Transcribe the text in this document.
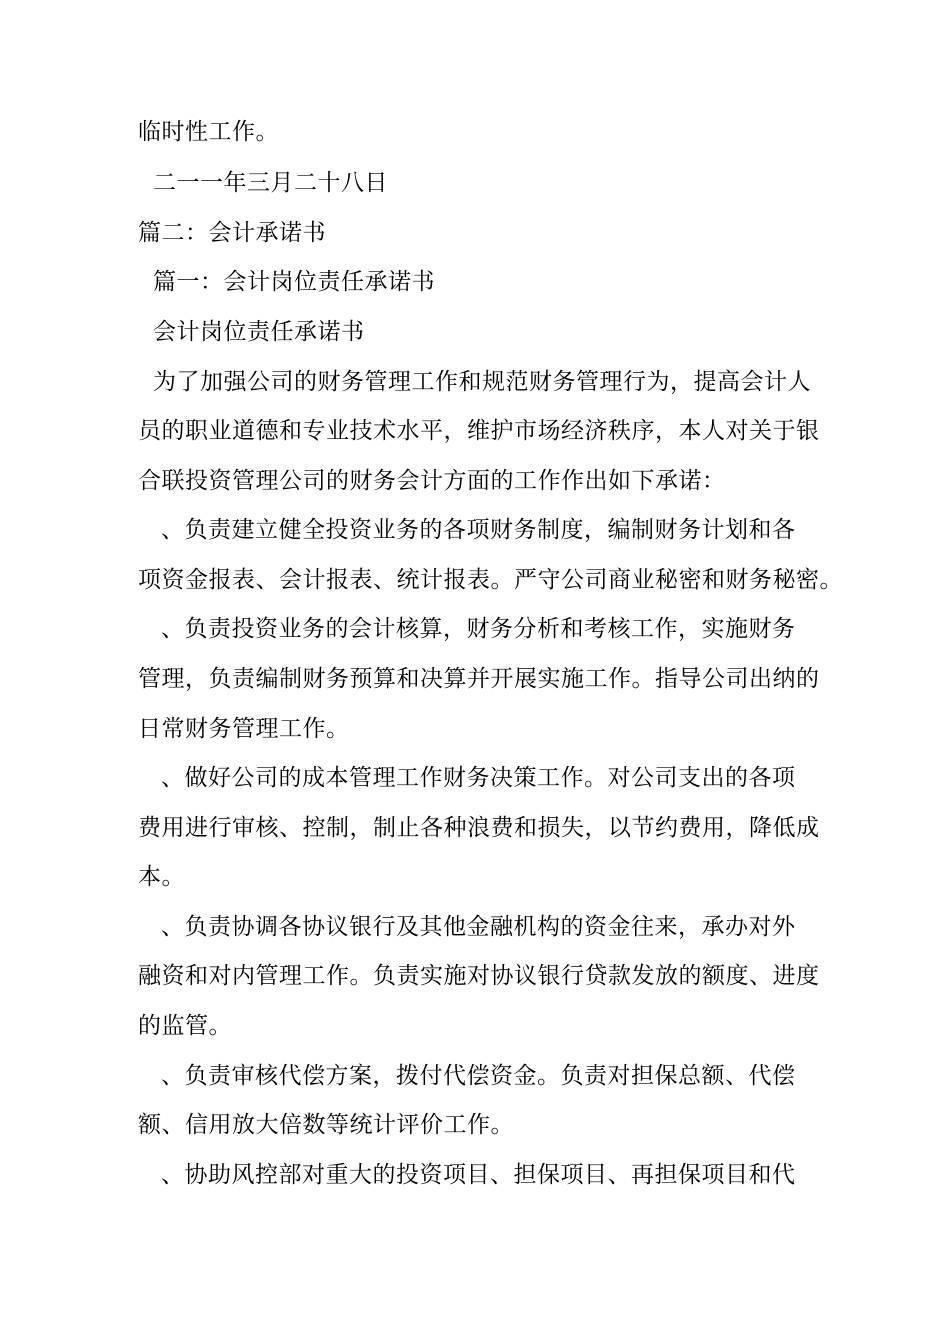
临时性工作。
二一一年三月二十八日
篇二：会计承诺书
篇一：会计岗位责任承诺书
会计岗位责任承诺书
为了加强公司的财务管理工作和规范财务管理行为，提高会计人
员的职业道德和专业技术水平，维护市场经济秩序，本人对关于银
合联投资管理公司的财务会计方面的工作作出如下承诺：
、负责建立健全投资业务的各项财务制度，编制财务计划和各
项资金报表、会计报表、统计报表。严守公司商业秘密和财务秘密。
、负责投资业务的会计核算，财务分析和考核工作，实施财务
管理，负责编制财务预算和决算并开展实施工作。指导公司出纳的
日常财务管理工作。
、做好公司的成本管理工作财务决策工作。对公司支出的各项
费用进行审核、控制，制止各种浪费和损失，以节约费用，降低成
本。
、负责协调各协议银行及其他金融机构的资金往来，承办对外
融资和对内管理工作。负责实施对协议银行贷款发放的额度、进度
的监管。
、负责审核代偿方案，拨付代偿资金。负责对担保总额、代偿
额、信用放大倍数等统计评价工作。
、协助风控部对重大的投资项目、担保项目、再担保项目和代
